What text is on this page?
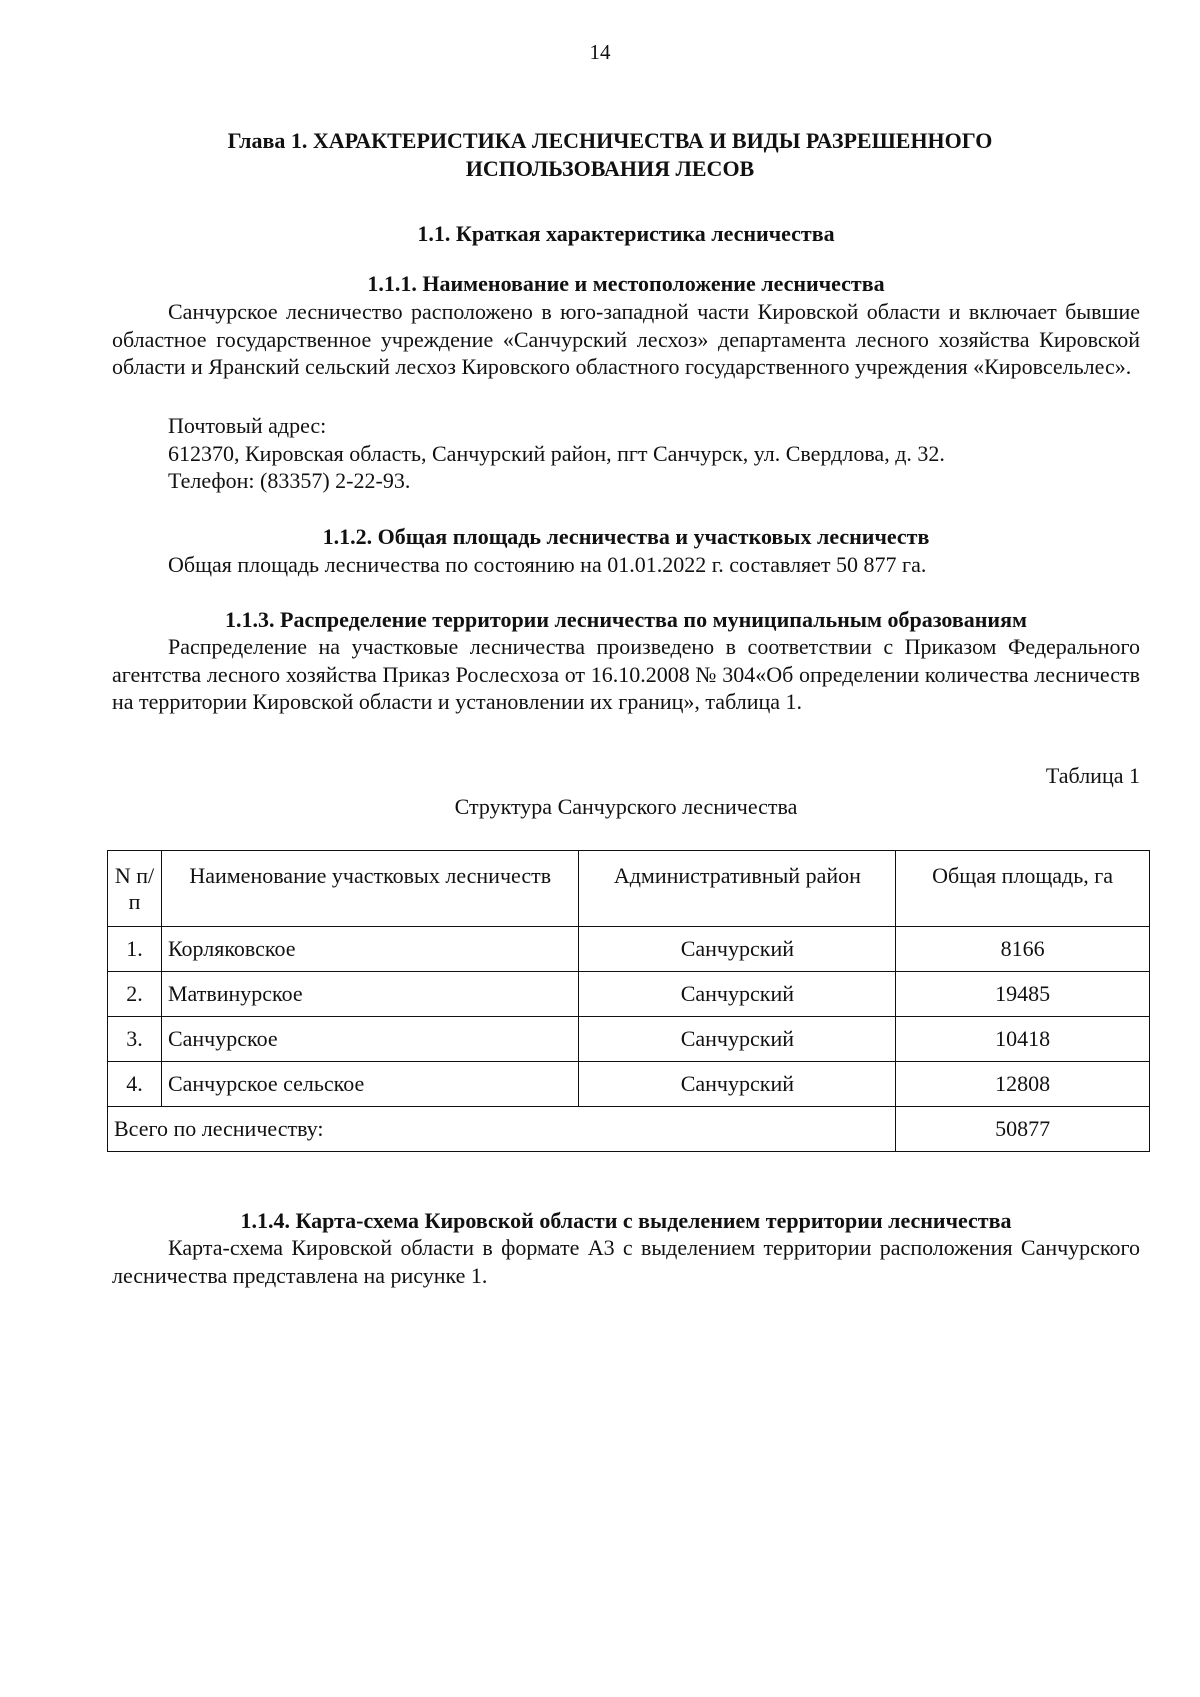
14
Глава 1. ХАРАКТЕРИСТИКА ЛЕСНИЧЕСТВА И ВИДЫ РАЗРЕШЕННОГО ИСПОЛЬЗОВАНИЯ ЛЕСОВ
1.1. Краткая характеристика лесничества
1.1.1. Наименование и местоположение лесничества

Санчурское лесничество расположено в юго-западной части Кировской области и включает бывшие областное государственное учреждение «Санчурский лесхоз» департамента лесного хозяйства Кировской области и Яранский сельский лесхоз Кировского областного государственного учреждения «Кировсельлес».

Почтовый адрес:
612370, Кировская область, Санчурский район, пгт Санчурск, ул. Свердлова, д. 32.
Телефон: (83357) 2-22-93.
1.1.2. Общая площадь лесничества и участковых лесничеств
Общая площадь лесничества по состоянию на 01.01.2022 г. составляет 50 877 га.
1.1.3. Распределение территории лесничества по муниципальным образованиям

Распределение на участковые лесничества произведено в соответствии с Приказом Федерального агентства лесного хозяйства Приказ Рослесхоза от 16.10.2008 № 304«Об определении количества лесничеств на территории Кировской области и установлении их границ», таблица 1.

Таблица 1
Структура Санчурского лесничества
N п/п	Наименование участковых лесничеств	Административный район	Общая площадь, га
1.	Корляковское	Санчурский	8166
2.	Матвинурское	Санчурский	19485
3.	Санчурское	Санчурский	10418
4.	Санчурское сельское	Санчурский	12808
Всего по лесничеству:			50877
1.1.4. Карта-схема Кировской области с выделением территории лесничества

Карта-схема Кировской области в формате А3 с выделением территории расположения Санчурского лесничества представлена на рисунке 1.
